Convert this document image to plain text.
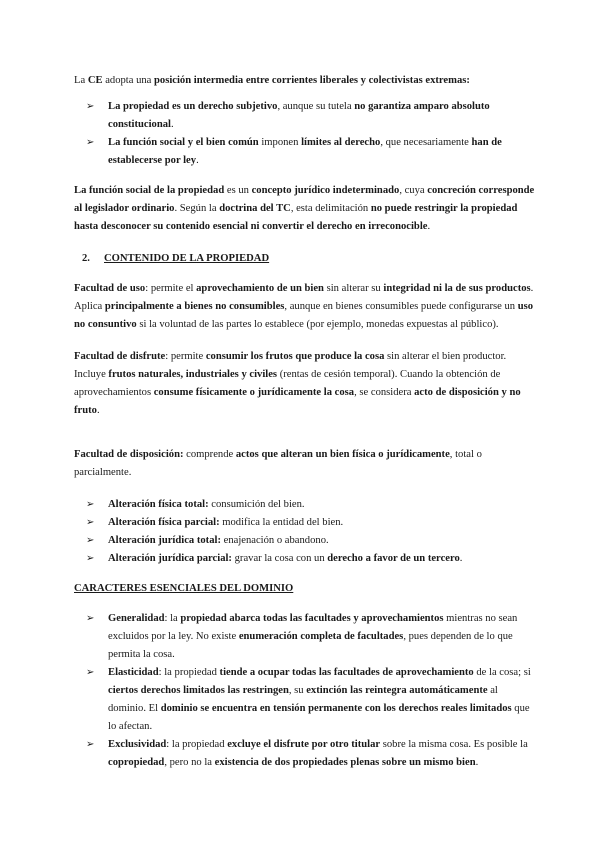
La CE adopta una posición intermedia entre corrientes liberales y colectivistas extremas:

➢ La propiedad es un derecho subjetivo, aunque su tutela no garantiza amparo absoluto constitucional.
➢ La función social y el bien común imponen límites al derecho, que necesariamente han de establecerse por ley.

La función social de la propiedad es un concepto jurídico indeterminado, cuya concreción corresponde al legislador ordinario. Según la doctrina del TC, esta delimitación no puede restringir la propiedad hasta desconocer su contenido esencial ni convertir el derecho en irreconocible.

2. CONTENIDO DE LA PROPIEDAD

Facultad de uso: permite el aprovechamiento de un bien sin alterar su integridad ni la de sus productos. Aplica principalmente a bienes no consumibles, aunque en bienes consumibles puede configurarse un uso no consuntivo si la voluntad de las partes lo establece (por ejemplo, monedas expuestas al público).

Facultad de disfrute: permite consumir los frutos que produce la cosa sin alterar el bien productor. Incluye frutos naturales, industriales y civiles (rentas de cesión temporal). Cuando la obtención de aprovechamientos consume físicamente o jurídicamente la cosa, se considera acto de disposición y no fruto.

Facultad de disposición: comprende actos que alteran un bien física o jurídicamente, total o parcialmente.

➢ Alteración física total: consumición del bien.
➢ Alteración física parcial: modifica la entidad del bien.
➢ Alteración jurídica total: enajenación o abandono.
➢ Alteración jurídica parcial: gravar la cosa con un derecho a favor de un tercero.

CARACTERES ESENCIALES DEL DOMINIO

➢ Generalidad: la propiedad abarca todas las facultades y aprovechamientos mientras no sean excluidos por la ley. No existe enumeración completa de facultades, pues dependen de lo que permita la cosa.
➢ Elasticidad: la propiedad tiende a ocupar todas las facultades de aprovechamiento de la cosa; si ciertos derechos limitados las restringen, su extinción las reintegra automáticamente al dominio. El dominio se encuentra en tensión permanente con los derechos reales limitados que lo afectan.
➢ Exclusividad: la propiedad excluye el disfrute por otro titular sobre la misma cosa. Es posible la copropiedad, pero no la existencia de dos propiedades plenas sobre un mismo bien.
